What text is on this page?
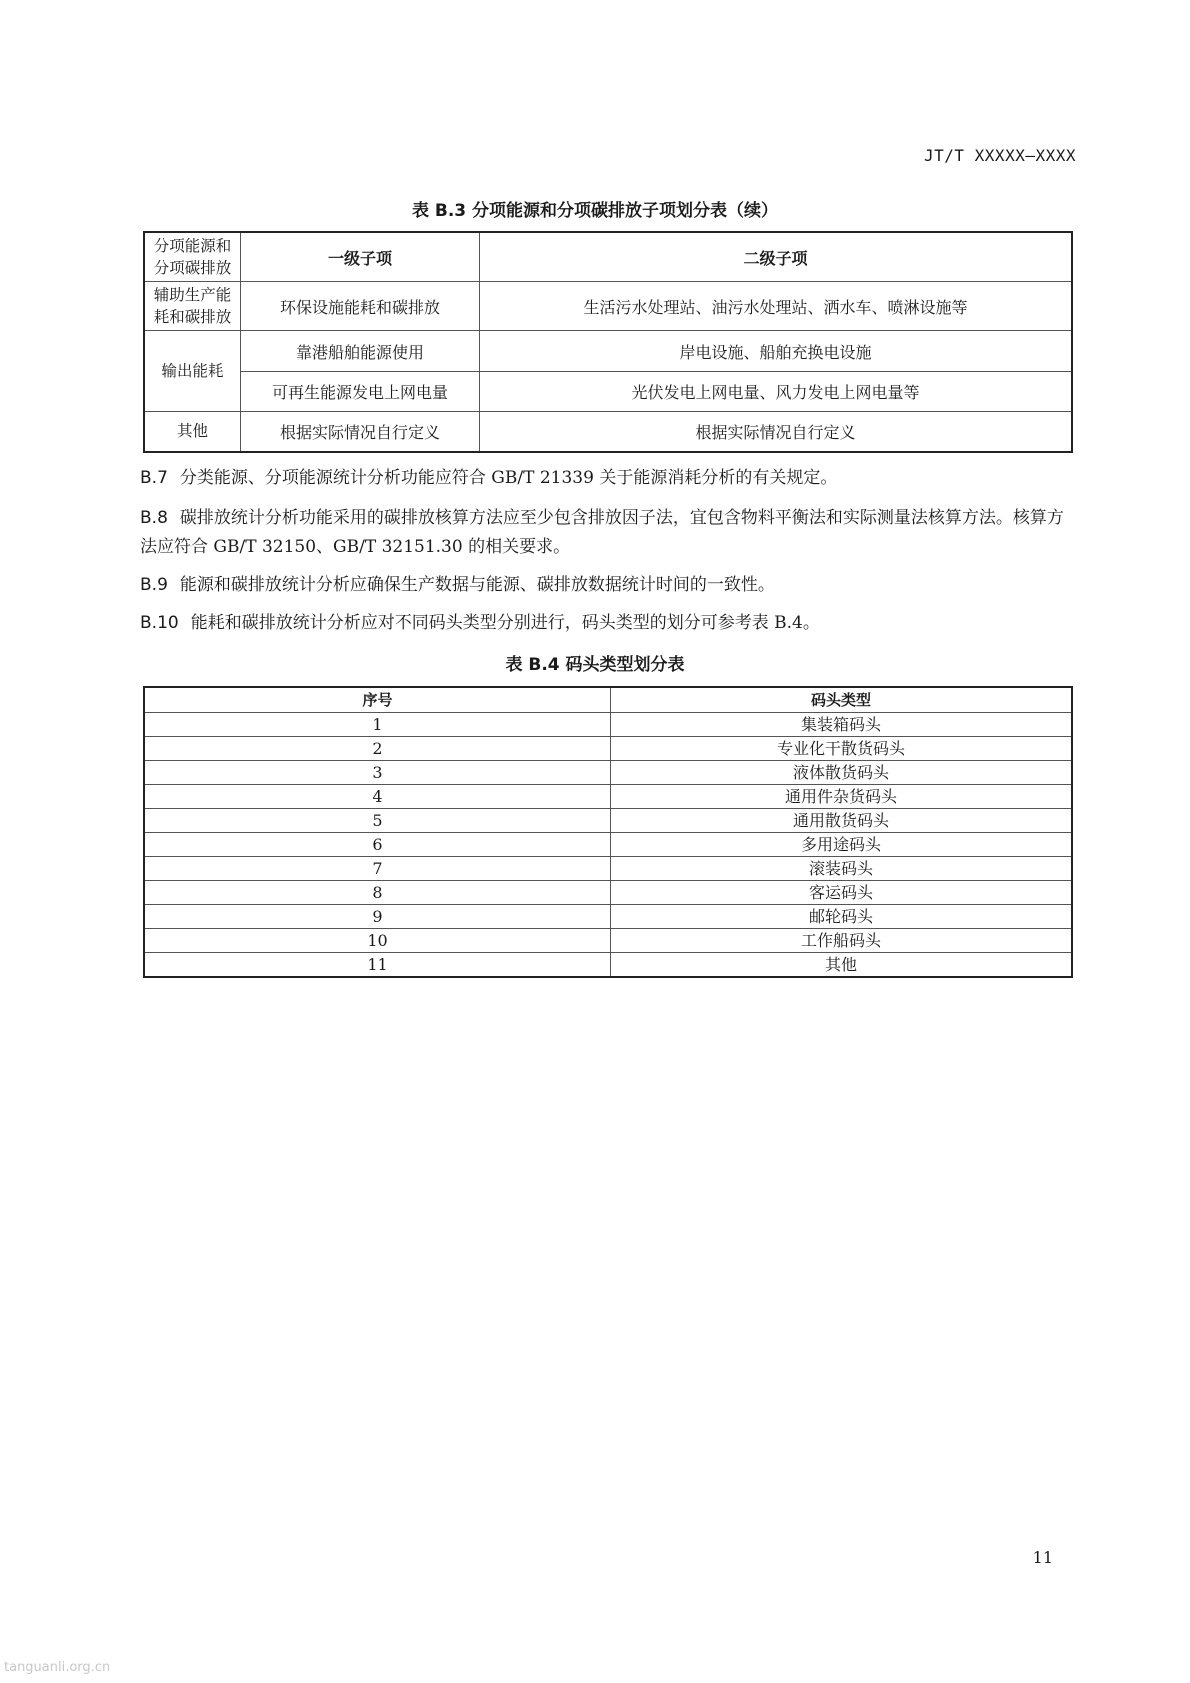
JT/T XXXXX—XXXX
表 B.3 分项能源和分项碳排放子项划分表（续）
分项能源和分项碳排放	一级子项	二级子项
辅助生产能耗和碳排放	环保设施能耗和碳排放	生活污水处理站、油污水处理站、洒水车、喷淋设施等
输出能耗	靠港船舶能源使用	岸电设施、船舶充换电设施
	可再生能源发电上网电量	光伏发电上网电量、风力发电上网电量等
其他	根据实际情况自行定义	根据实际情况自行定义
B.7 分类能源、分项能源统计分析功能应符合 GB/T 21339 关于能源消耗分析的有关规定。
B.8 碳排放统计分析功能采用的碳排放核算方法应至少包含排放因子法，宜包含物料平衡法和实际测量法核算方法。核算方法应符合 GB/T 32150、GB/T 32151.30 的相关要求。
B.9 能源和碳排放统计分析应确保生产数据与能源、碳排放数据统计时间的一致性。
B.10 能耗和碳排放统计分析应对不同码头类型分别进行，码头类型的划分可参考表 B.4。
表 B.4 码头类型划分表
序号	码头类型
1	集装箱码头
2	专业化干散货码头
3	液体散货码头
4	通用件杂货码头
5	通用散货码头
6	多用途码头
7	滚装码头
8	客运码头
9	邮轮码头
10	工作船码头
11	其他
11
tanguanli.org.cn
